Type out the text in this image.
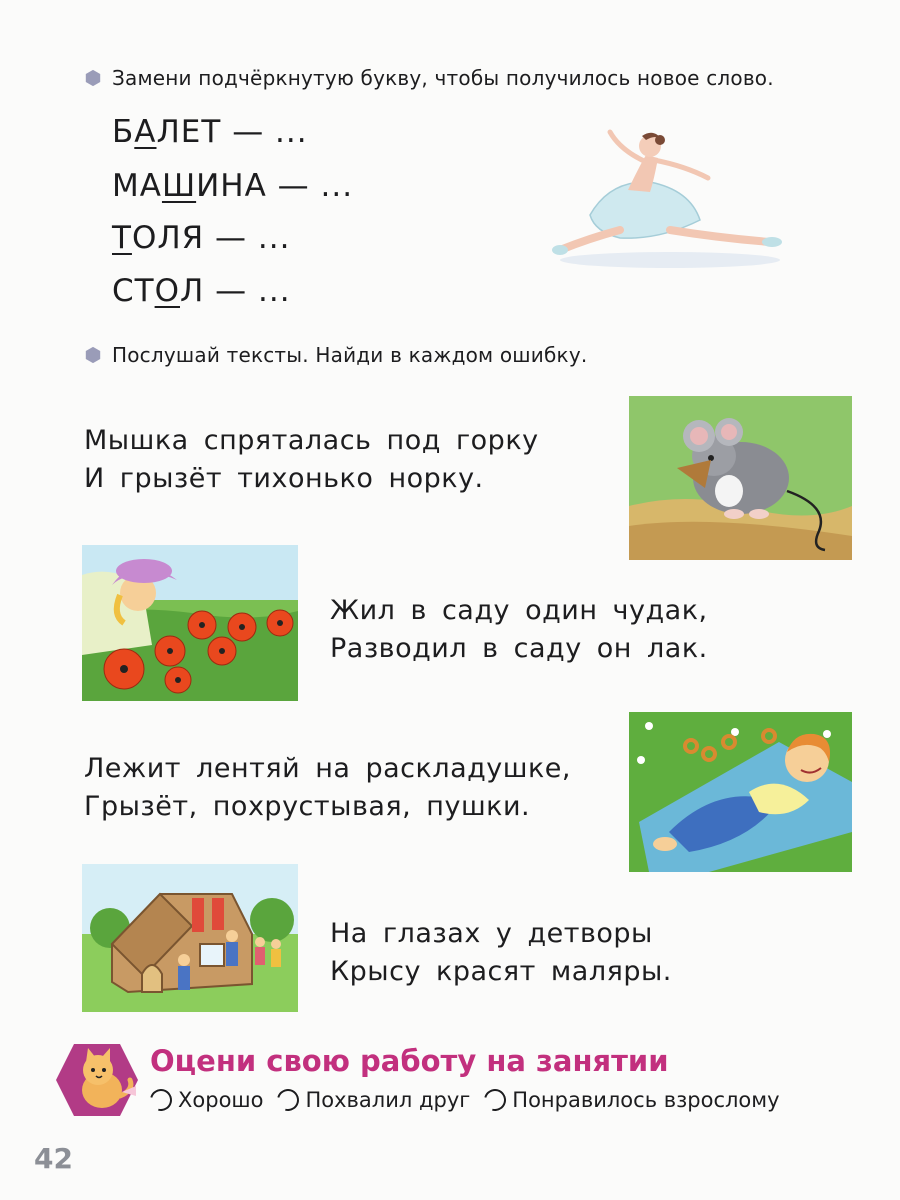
Замени подчёркнутую букву, чтобы получилось новое слово.
БАЛЕТ — ...
МАШИНА — ...
ТОЛЯ — ...
СТОЛ — ...
Послушай тексты. Найди в каждом ошибку.
Мышка спряталась под горку
И грызёт тихонько норку.
Жил в саду один чудак,
Разводил в саду он лак.
Лежит лентяй на раскладушке,
Грызёт, похрустывая, пушки.
На глазах у детворы
Крысу красят маляры.
Оцени свою работу на занятии
Хорошо Похвалил друг Понравилось взрослому
42
